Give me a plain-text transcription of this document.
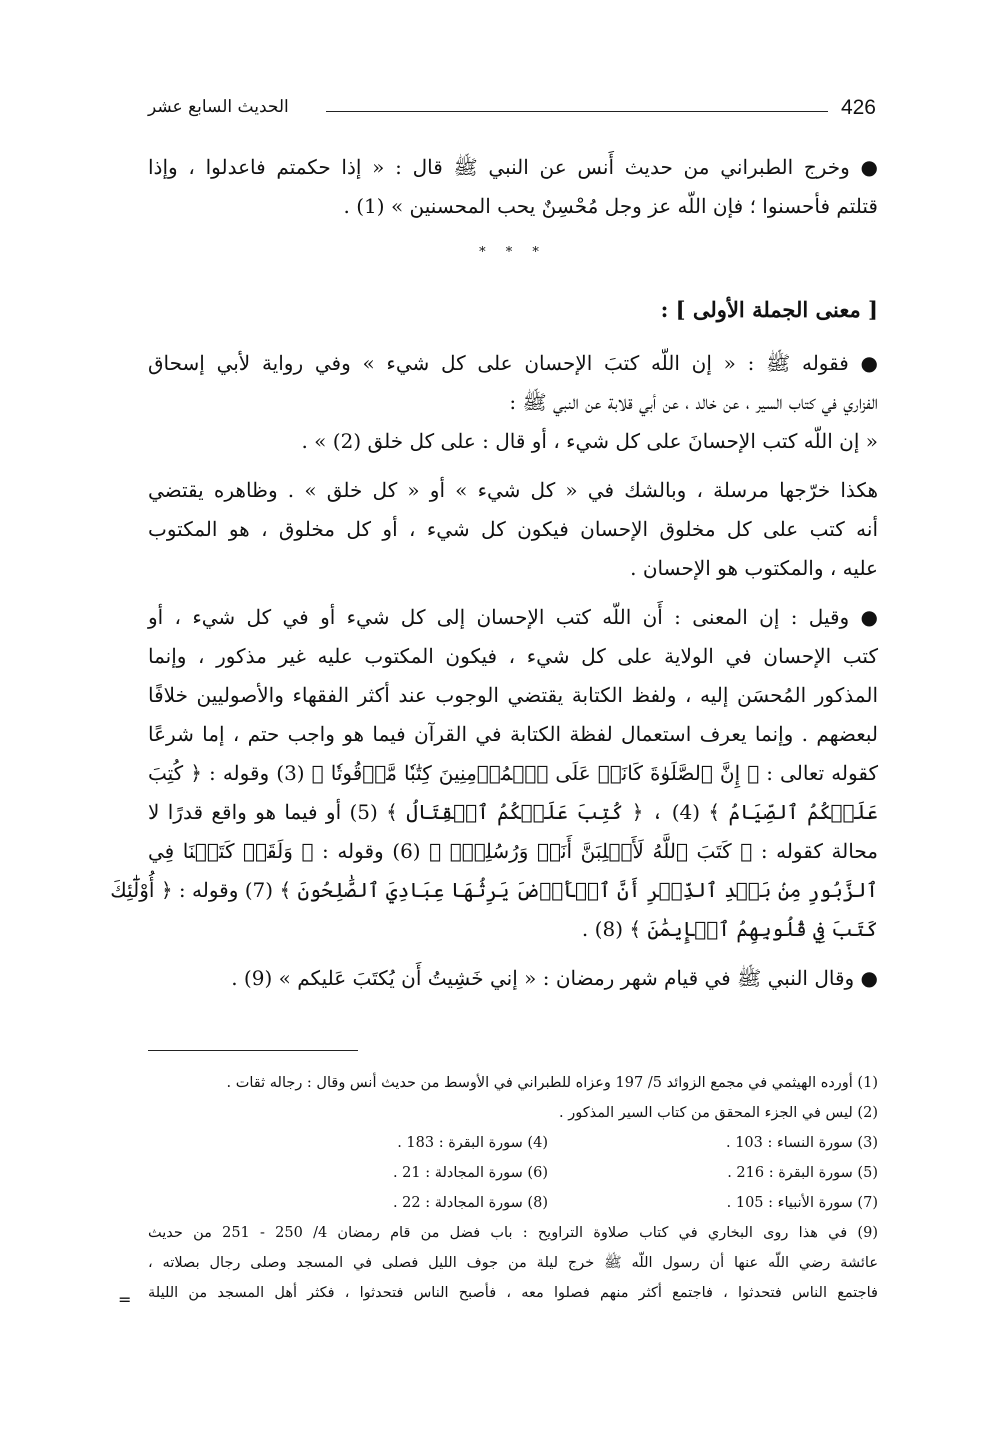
426
الحديث السابع عشر
● وخرج الطبراني من حديث أَنس عن النبي ﷺ قال : « إذا حكمتم فاعدلوا ، وإذا
قتلتم فأحسنوا ؛ فإن اللّه عز وجل مُحْسِنٌ يحب المحسنين » (1) .
* * *
[ معنى الجملة الأولى ] :
● فقوله ﷺ : « إن اللّه كتبَ الإحسان على كل شيء » وفي رواية لأبي إسحاق
الفزاري في كتاب السير ، عن خالد ، عن أبي قلابة عن النبي ﷺ :
« إن اللّه كتب الإحسانَ على كل شيء ، أو قال : على كل خلق (2) » .
هكذا خرّجها مرسلة ، وبالشك في « كل شيء » أو « كل خلق » . وظاهره يقتضي
أنه كتب على كل مخلوق الإحسان فيكون كل شيء ، أو كل مخلوق ، هو المكتوب
عليه ، والمكتوب هو الإحسان .
● وقيل : إن المعنى : أَن اللّه كتب الإحسان إلى كل شيء أو في كل شيء ، أو
كتب الإحسان في الولاية على كل شيء ، فيكون المكتوب عليه غير مذكور ، وإنما
المذكور المُحسَن إليه ، ولفظ الكتابة يقتضي الوجوب عند أكثر الفقهاء والأصوليين خلافًا
لبعضهم . وإنما يعرف استعمال لفظة الكتابة في القرآن فيما هو واجب حتم ، إما شرعًا
كقوله تعالى : ﴿ إِنَّ ٱلصَّلَوٰةَ كَانَتۡ عَلَى ٱلۡمُؤۡمِنِينَ كِتَٰبٗا مَّوۡقُوتٗا ﴾ (3) وقوله : ﴿ كُتِبَ
عَلَيۡكُمُ ٱلصِّيَامُ ﴾ (4) ، ﴿ كُتِبَ عَلَيۡكُمُ ٱلۡقِتَالُ ﴾ (5) أو فيما هو واقع قدرًا لا
محالة كقوله : ﴿ كَتَبَ ٱللَّهُ لَأَغۡلِبَنَّ أَنَا۠ وَرُسُلِيٓۚ ﴾ (6) وقوله : ﴿ وَلَقَدۡ كَتَبۡنَا فِي
ٱلزَّبُورِ مِنۢ بَعۡدِ ٱلذِّكۡرِ أَنَّ ٱلۡأَرۡضَ يَرِثُهَا عِبَادِيَ ٱلصَّٰلِحُونَ ﴾ (7) وقوله : ﴿ أُوْلَٰٓئِكَ
كَتَبَ فِي قُلُوبِهِمُ ٱلۡإِيمَٰنَ ﴾ (8) .
● وقال النبي ﷺ في قيام شهر رمضان : « إني خَشِيتُ أَن يُكتَبَ عَليكم » (9) .
(1) أورده الهيثمي في مجمع الزوائد 5/ 197 وعزاه للطبراني في الأوسط من حديث أنس وقال : رجاله ثقات .
(2) ليس في الجزء المحقق من كتاب السير المذكور .
(3) سورة النساء : 103 .
(4) سورة البقرة : 183 .
(5) سورة البقرة : 216 .
(6) سورة المجادلة : 21 .
(7) سورة الأنبياء : 105 .
(8) سورة المجادلة : 22 .
(9) في هذا روى البخاري في كتاب صلاوة التراويح : باب فضل من قام رمضان 4/ 250 - 251 من حديث
عائشة رضي اللّه عنها أن رسول اللّه ﷺ خرج ليلة من جوف الليل فصلى في المسجد وصلى رجال بصلاته ،
فاجتمع الناس فتحدثوا ، فاجتمع أكثر منهم فصلوا معه ، فأصبح الناس فتحدثوا ، فكثر أهل المسجد من الليلة
=
